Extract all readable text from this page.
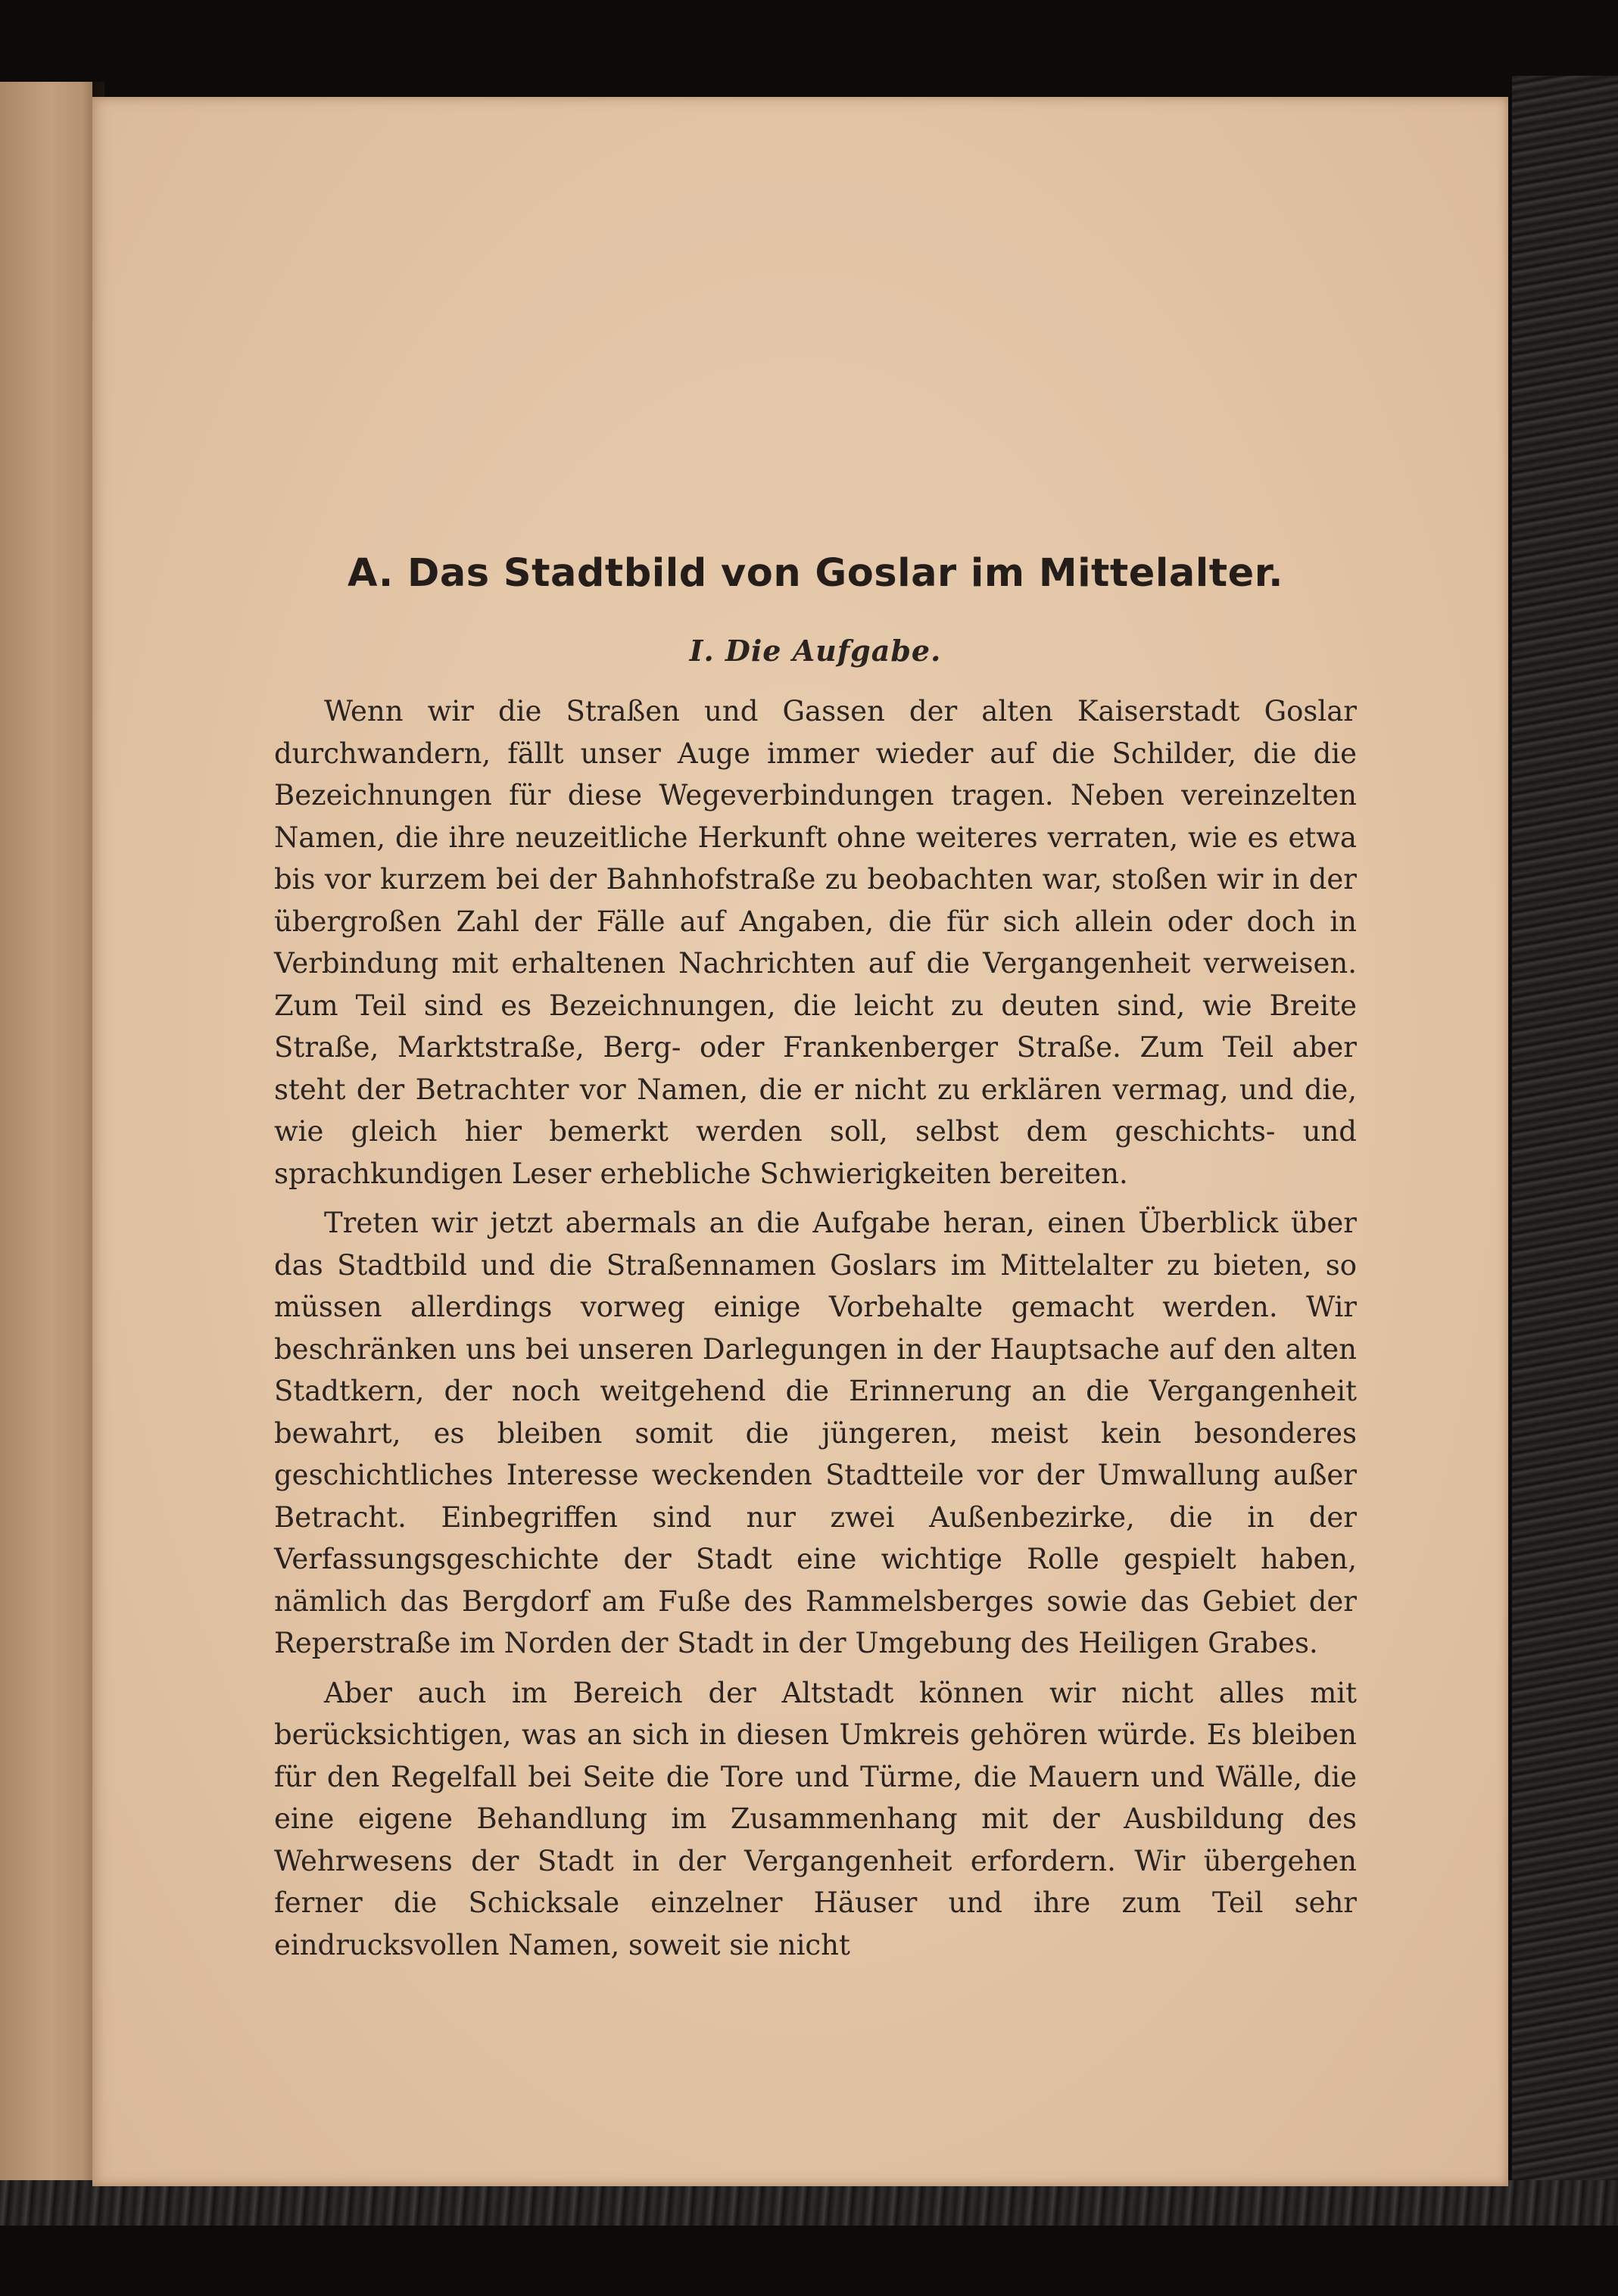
A. Das Stadtbild von Goslar im Mittelalter.
I. Die Aufgabe.

Wenn wir die Straßen und Gassen der alten Kaiserstadt Goslar durchwandern, fällt unser Auge immer wieder auf die Schilder, die die Bezeichnungen für diese Wegeverbindungen tragen. Neben vereinzelten Namen, die ihre neuzeitliche Herkunft ohne weiteres verraten, wie es etwa bis vor kurzem bei der Bahnhofstraße zu beobachten war, stoßen wir in der übergroßen Zahl der Fälle auf Angaben, die für sich allein oder doch in Verbindung mit erhaltenen Nachrichten auf die Vergangenheit verweisen. Zum Teil sind es Bezeichnungen, die leicht zu deuten sind, wie Breite Straße, Marktstraße, Berg- oder Frankenberger Straße. Zum Teil aber steht der Betrachter vor Namen, die er nicht zu erklären vermag, und die, wie gleich hier bemerkt werden soll, selbst dem geschichts- und sprachkundigen Leser erhebliche Schwierigkeiten bereiten.

Treten wir jetzt abermals an die Aufgabe heran, einen Überblick über das Stadtbild und die Straßennamen Goslars im Mittelalter zu bieten, so müssen allerdings vorweg einige Vorbehalte gemacht werden. Wir beschränken uns bei unseren Darlegungen in der Hauptsache auf den alten Stadtkern, der noch weitgehend die Erinnerung an die Vergangenheit bewahrt, es bleiben somit die jüngeren, meist kein besonderes geschichtliches Interesse weckenden Stadtteile vor der Umwallung außer Betracht. Einbegriffen sind nur zwei Außenbezirke, die in der Verfassungsgeschichte der Stadt eine wichtige Rolle gespielt haben, nämlich das Bergdorf am Fuße des Rammelsberges sowie das Gebiet der Reperstraße im Norden der Stadt in der Umgebung des Heiligen Grabes.

Aber auch im Bereich der Altstadt können wir nicht alles mit berücksichtigen, was an sich in diesen Umkreis gehören würde. Es bleiben für den Regelfall bei Seite die Tore und Türme, die Mauern und Wälle, die eine eigene Behandlung im Zusammenhang mit der Ausbildung des Wehrwesens der Stadt in der Vergangenheit erfordern. Wir übergehen ferner die Schicksale einzelner Häuser und ihre zum Teil sehr eindrucksvollen Namen, soweit sie nicht
